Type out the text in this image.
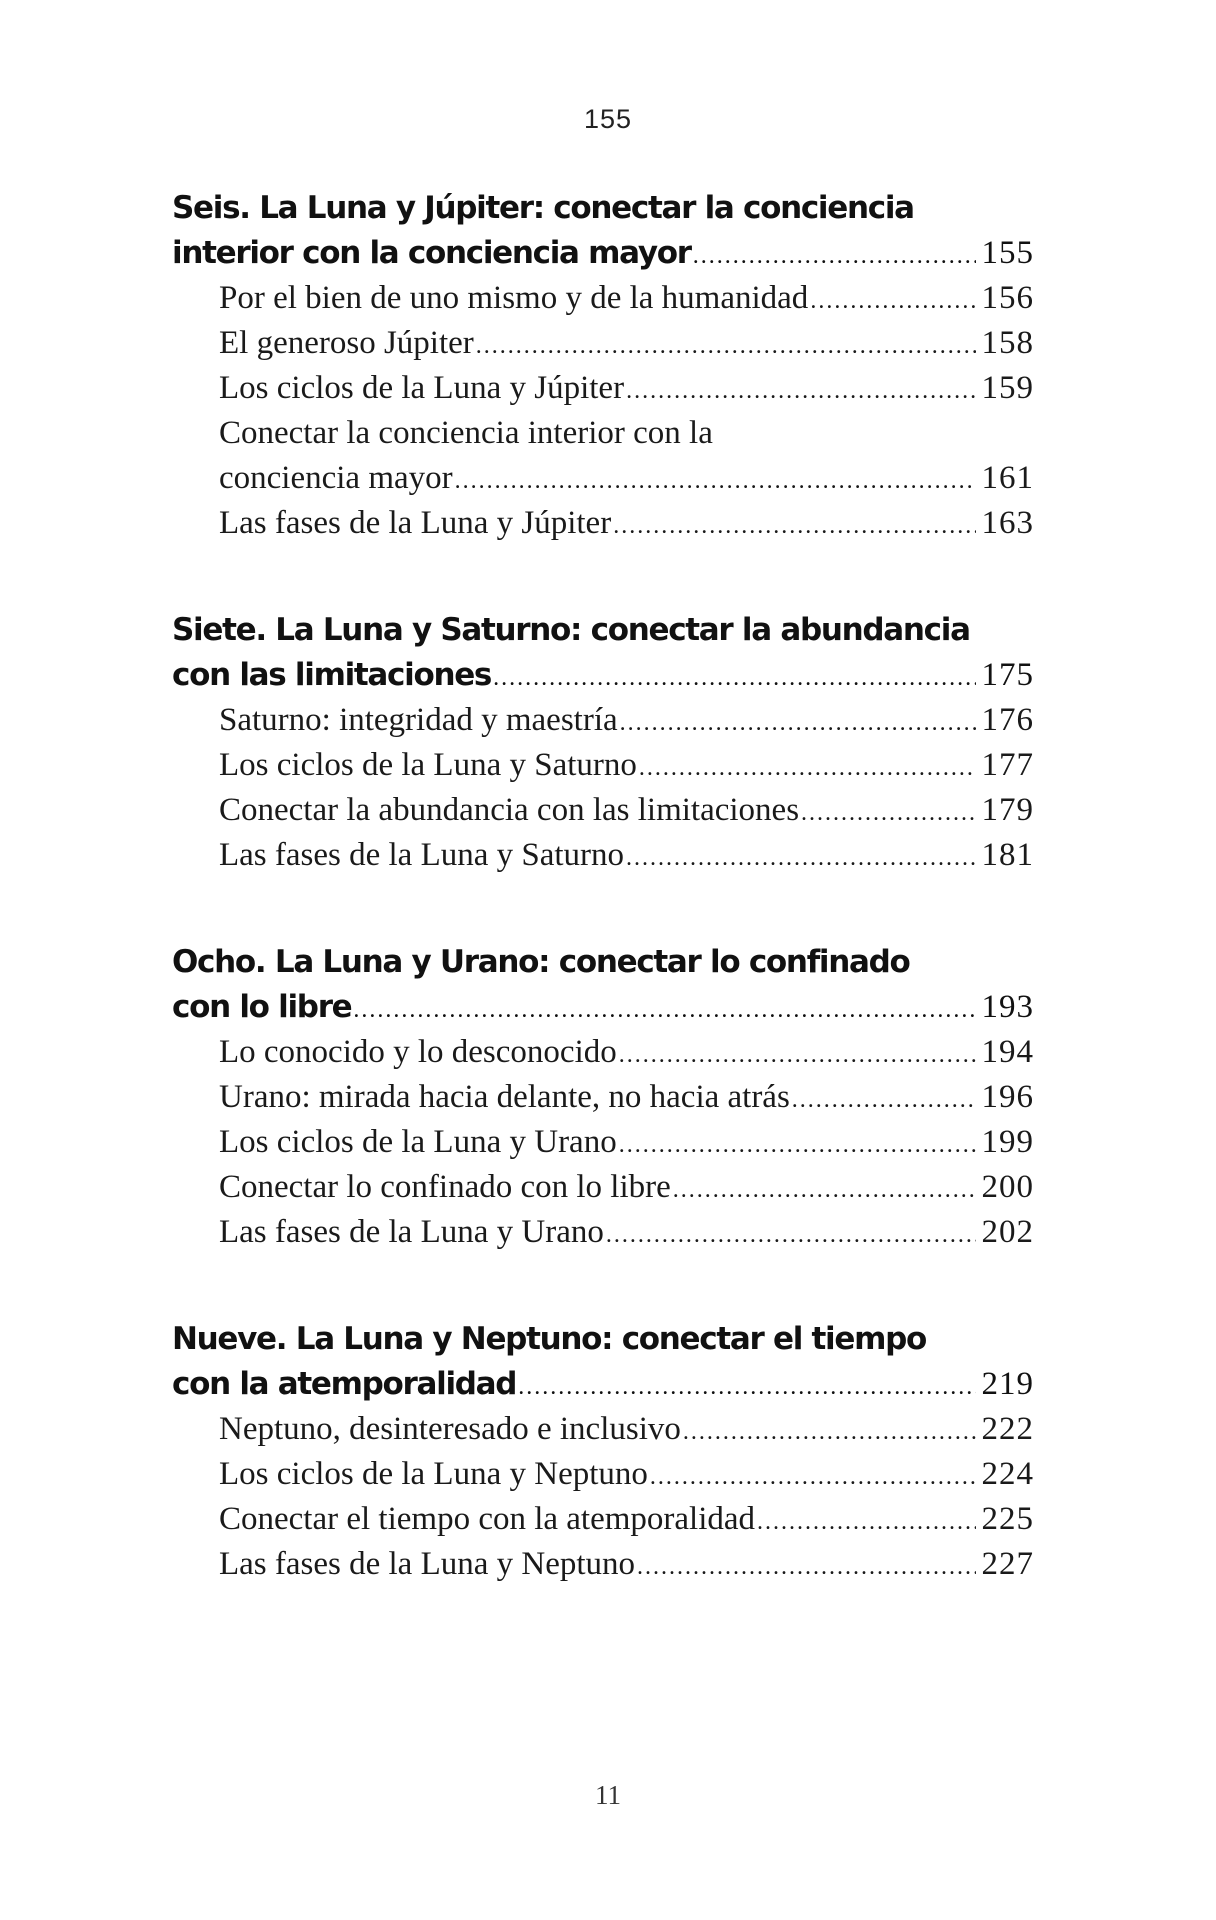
155
Seis. La Luna y Júpiter: conectar la conciencia
interior con la conciencia mayor .....	155
Por el bien de uno mismo y de la humanidad .....	156
El generoso Júpiter .....	158
Los ciclos de la Luna y Júpiter .....	159
Conectar la conciencia interior con la
conciencia mayor .....	161
Las fases de la Luna y Júpiter .....	163
Siete. La Luna y Saturno: conectar la abundancia
con las limitaciones .....	175
Saturno: integridad y maestría .....	176
Los ciclos de la Luna y Saturno .....	177
Conectar la abundancia con las limitaciones .....	179
Las fases de la Luna y Saturno .....	181
Ocho. La Luna y Urano: conectar lo confinado
con lo libre .....	193
Lo conocido y lo desconocido .....	194
Urano: mirada hacia delante, no hacia atrás .....	196
Los ciclos de la Luna y Urano .....	199
Conectar lo confinado con lo libre .....	200
Las fases de la Luna y Urano .....	202
Nueve. La Luna y Neptuno: conectar el tiempo
con la atemporalidad .....	219
Neptuno, desinteresado e inclusivo .....	222
Los ciclos de la Luna y Neptuno .....	224
Conectar el tiempo con la atemporalidad .....	225
Las fases de la Luna y Neptuno .....	227
11
